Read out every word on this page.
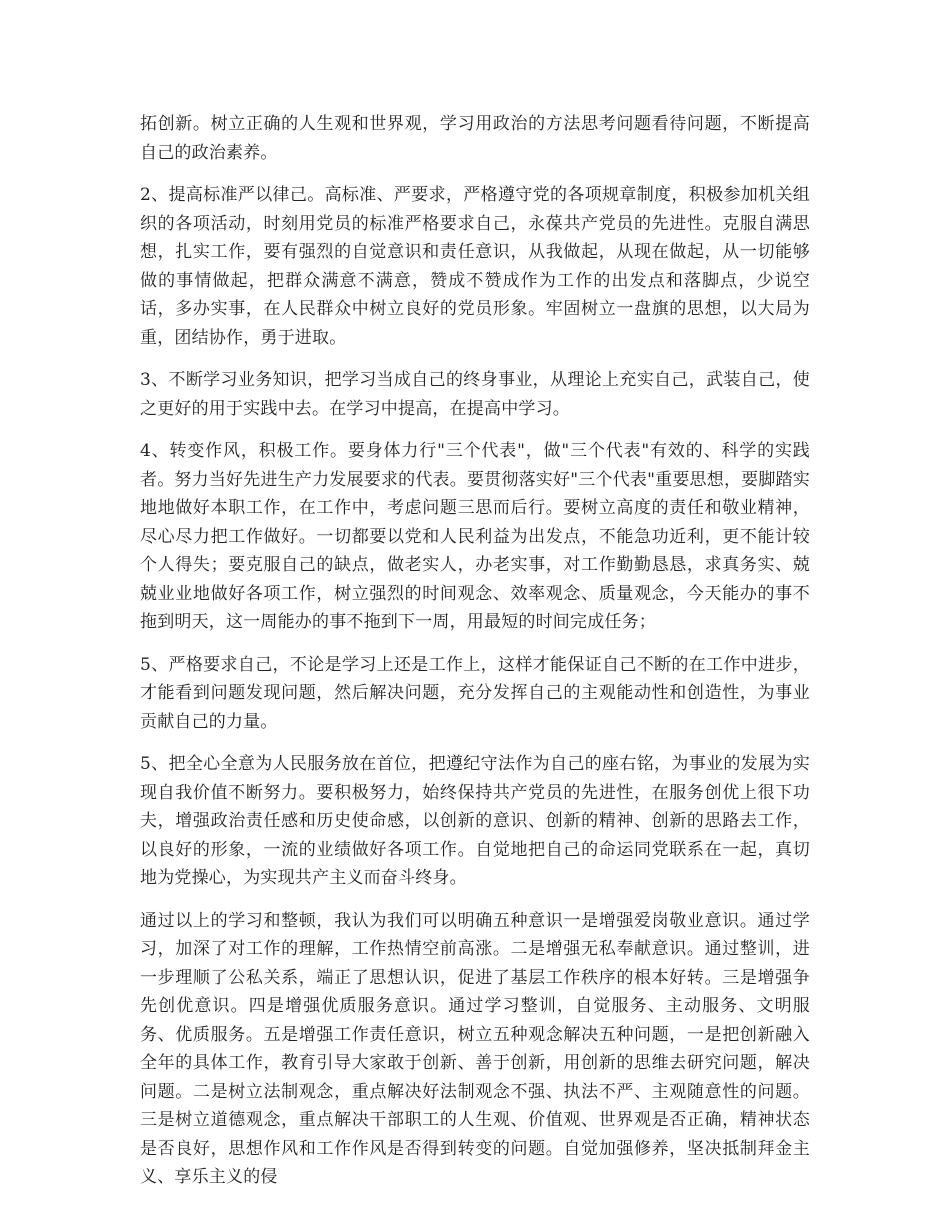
拓创新。树立正确的人生观和世界观，学习用政治的方法思考问题看待问题，不断提高自己的政治素养。

2、提高标准严以律己。高标准、严要求，严格遵守党的各项规章制度，积极参加机关组织的各项活动，时刻用党员的标准严格要求自己，永葆共产党员的先进性。克服自满思想，扎实工作，要有强烈的自觉意识和责任意识，从我做起，从现在做起，从一切能够做的事情做起，把群众满意不满意，赞成不赞成作为工作的出发点和落脚点，少说空话，多办实事，在人民群众中树立良好的党员形象。牢固树立一盘旗的思想，以大局为重，团结协作，勇于进取。

3、不断学习业务知识，把学习当成自己的终身事业，从理论上充实自己，武装自己，使之更好的用于实践中去。在学习中提高，在提高中学习。

4、转变作风，积极工作。要身体力行"三个代表"，做"三个代表"有效的、科学的实践者。努力当好先进生产力发展要求的代表。要贯彻落实好"三个代表"重要思想，要脚踏实地地做好本职工作，在工作中，考虑问题三思而后行。要树立高度的责任和敬业精神，尽心尽力把工作做好。一切都要以党和人民利益为出发点，不能急功近利，更不能计较个人得失；要克服自己的缺点，做老实人，办老实事，对工作勤勤恳恳，求真务实、兢兢业业地做好各项工作，树立强烈的时间观念、效率观念、质量观念，今天能办的事不拖到明天，这一周能办的事不拖到下一周，用最短的时间完成任务；

5、严格要求自己，不论是学习上还是工作上，这样才能保证自己不断的在工作中进步，才能看到问题发现问题，然后解决问题，充分发挥自己的主观能动性和创造性，为事业贡献自己的力量。

5、把全心全意为人民服务放在首位，把遵纪守法作为自己的座右铭，为事业的发展为实现自我价值不断努力。要积极努力，始终保持共产党员的先进性，在服务创优上很下功夫，增强政治责任感和历史使命感，以创新的意识、创新的精神、创新的思路去工作，以良好的形象，一流的业绩做好各项工作。自觉地把自己的命运同党联系在一起，真切地为党操心，为实现共产主义而奋斗终身。

通过以上的学习和整顿，我认为我们可以明确五种意识一是增强爱岗敬业意识。通过学习，加深了对工作的理解，工作热情空前高涨。二是增强无私奉献意识。通过整训，进一步理顺了公私关系，端正了思想认识，促进了基层工作秩序的根本好转。三是增强争先创优意识。四是增强优质服务意识。通过学习整训，自觉服务、主动服务、文明服务、优质服务。五是增强工作责任意识，树立五种观念解决五种问题，一是把创新融入全年的具体工作，教育引导大家敢于创新、善于创新，用创新的思维去研究问题，解决问题。二是树立法制观念，重点解决好法制观念不强、执法不严、主观随意性的问题。三是树立道德观念，重点解决干部职工的人生观、价值观、世界观是否正确，精神状态是否良好，思想作风和工作作风是否得到转变的问题。自觉加强修养，坚决抵制拜金主义、享乐主义的侵
